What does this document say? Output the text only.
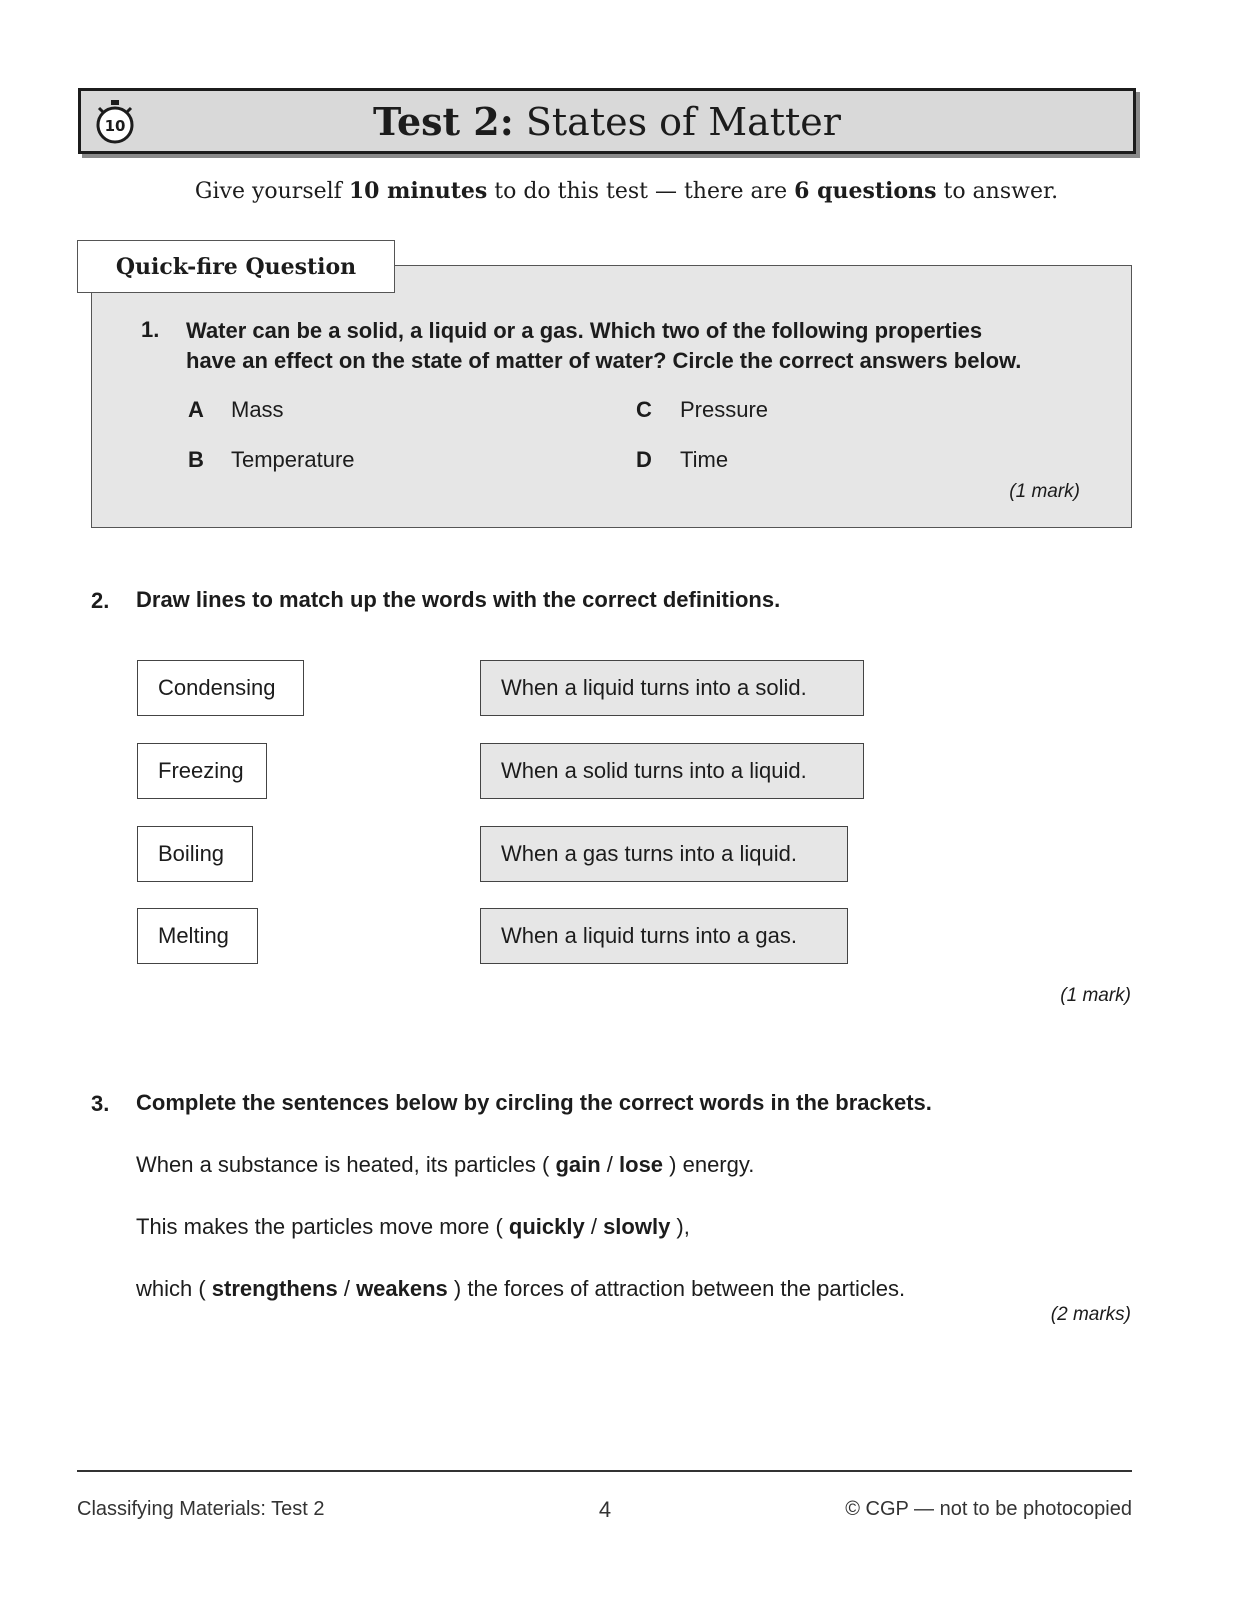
10	Test 2: States of Matter
Give yourself 10 minutes to do this test — there are 6 questions to answer.
Quick-fire Question
1. Water can be a solid, a liquid or a gas. Which two of the following properties
have an effect on the state of matter of water? Circle the correct answers below.
A Mass
B Temperature
C Pressure
D Time
(1 mark)
2. Draw lines to match up the words with the correct definitions.
Condensing
Freezing
Boiling
Melting
When a liquid turns into a solid.
When a solid turns into a liquid.
When a gas turns into a liquid.
When a liquid turns into a gas.
(1 mark)
3. Complete the sentences below by circling the correct words in the brackets.
When a substance is heated, its particles ( gain / lose ) energy.
This makes the particles move more ( quickly / slowly ),
which ( strengthens / weakens ) the forces of attraction between the particles.
(2 marks)
Classifying Materials: Test 2	4	© CGP — not to be photocopied
